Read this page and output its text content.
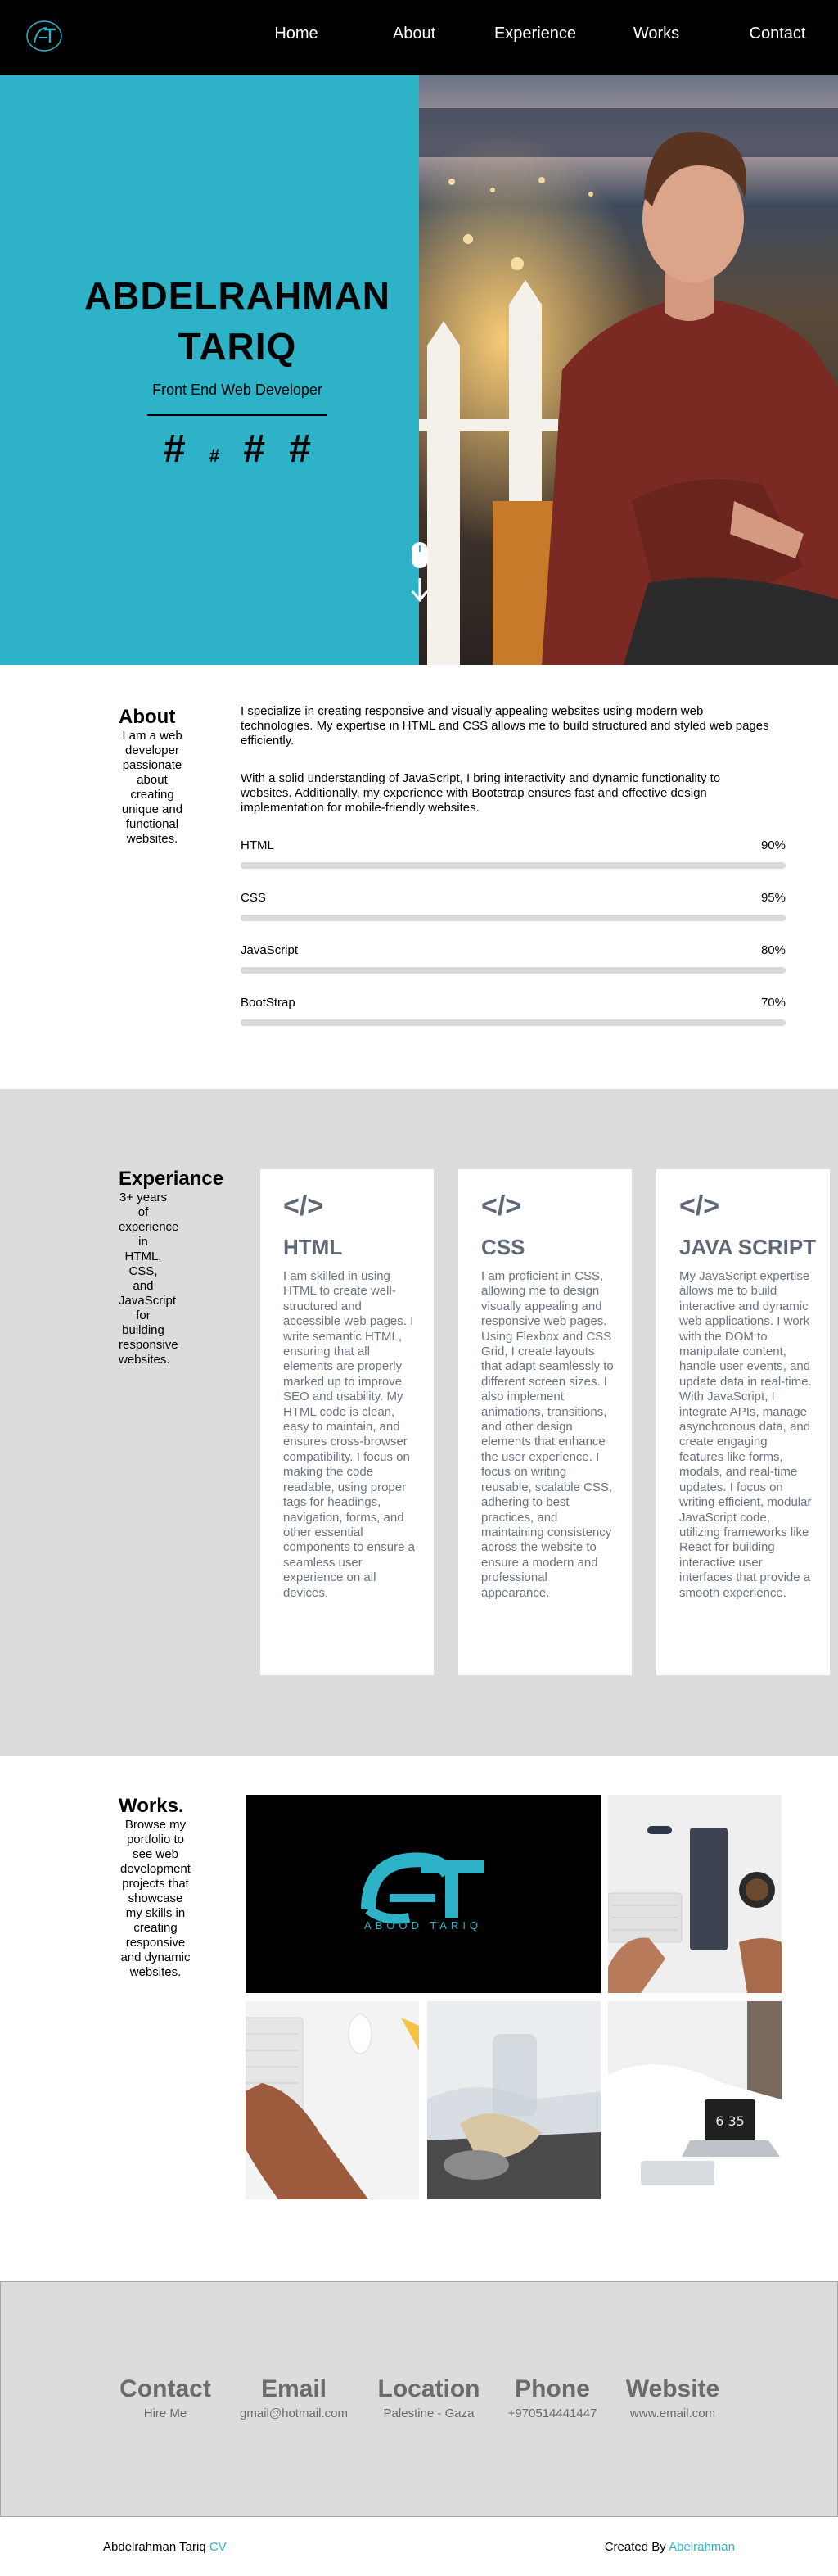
Home	About	Experience	Works	Contact
ABDELRAHMAN
TARIQ
Front End Web Developer
# # # #
About
I am a web developer passionate about creating unique and functional websites.
I specialize in creating responsive and visually appealing websites using modern web technologies. My expertise in HTML and CSS allows me to build structured and styled web pages efficiently.
With a solid understanding of JavaScript, I bring interactivity and dynamic functionality to websites. Additionally, my experience with Bootstrap ensures fast and effective design implementation for mobile-friendly websites.
HTML	90%
CSS	95%
JavaScript	80%
BootStrap	70%
Experiance
3+ years of experience in HTML, CSS, and JavaScript for building responsive websites.
</>
HTML
I am skilled in using HTML to create well-structured and accessible web pages. I write semantic HTML, ensuring that all elements are properly marked up to improve SEO and usability. My HTML code is clean, easy to maintain, and ensures cross-browser compatibility. I focus on making the code readable, using proper tags for headings, navigation, forms, and other essential components to ensure a seamless user experience on all devices.
</>
CSS
I am proficient in CSS, allowing me to design visually appealing and responsive web pages. Using Flexbox and CSS Grid, I create layouts that adapt seamlessly to different screen sizes. I also implement animations, transitions, and other design elements that enhance the user experience. I focus on writing reusable, scalable CSS, adhering to best practices, and maintaining consistency across the website to ensure a modern and professional appearance.
</>
JAVA SCRIPT
My JavaScript expertise allows me to build interactive and dynamic web applications. I work with the DOM to manipulate content, handle user events, and update data in real-time. With JavaScript, I integrate APIs, manage asynchronous data, and create engaging features like forms, modals, and real-time updates. I focus on writing efficient, modular JavaScript code, utilizing frameworks like React for building interactive user interfaces that provide a smooth experience.
Works.
Browse my portfolio to see web development projects that showcase my skills in creating responsive and dynamic websites.
ABOOD TARIQ
6 35
Contact
Hire Me
Email
gmail@hotmail.com
Location
Palestine - Gaza
Phone
+970514441447
Website
www.email.com
Abdelrahman Tariq CV	Created By Abelrahman
